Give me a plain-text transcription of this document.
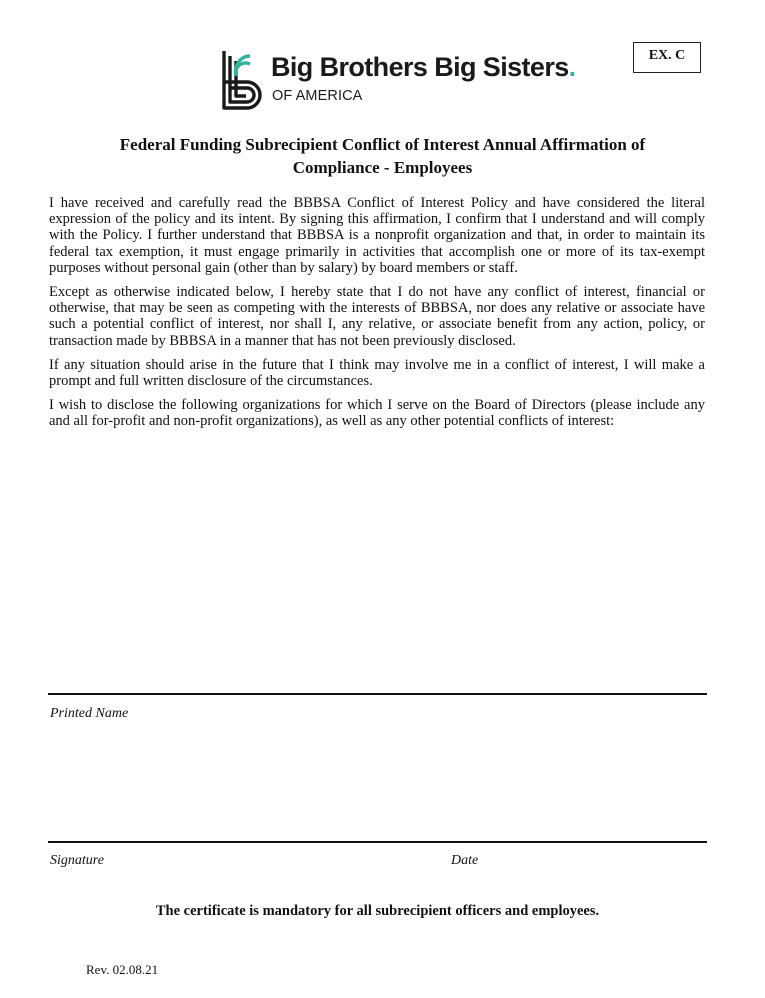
Big Brothers Big Sisters.
OF AMERICA
EX. C
Federal Funding Subrecipient Conflict of Interest Annual Affirmation of Compliance - Employees

I have received and carefully read the BBBSA Conflict of Interest Policy and have considered the literal expression of the policy and its intent. By signing this affirmation, I confirm that I understand and will comply with the Policy. I further understand that BBBSA is a nonprofit organization and that, in order to maintain its federal tax exemption, it must engage primarily in activities that accomplish one or more of its tax-exempt purposes without personal gain (other than by salary) by board members or staff.

Except as otherwise indicated below, I hereby state that I do not have any conflict of interest, financial or otherwise, that may be seen as competing with the interests of BBBSA, nor does any relative or associate have such a potential conflict of interest, nor shall I, any relative, or associate benefit from any action, policy, or transaction made by BBBSA in a manner that has not been previously disclosed.

If any situation should arise in the future that I think may involve me in a conflict of interest, I will make a prompt and full written disclosure of the circumstances.

I wish to disclose the following organizations for which I serve on the Board of Directors (please include any and all for-profit and non-profit organizations), as well as any other potential conflicts of interest:

Printed Name
Signature	Date
The certificate is mandatory for all subrecipient officers and employees.
Rev. 02.08.21
